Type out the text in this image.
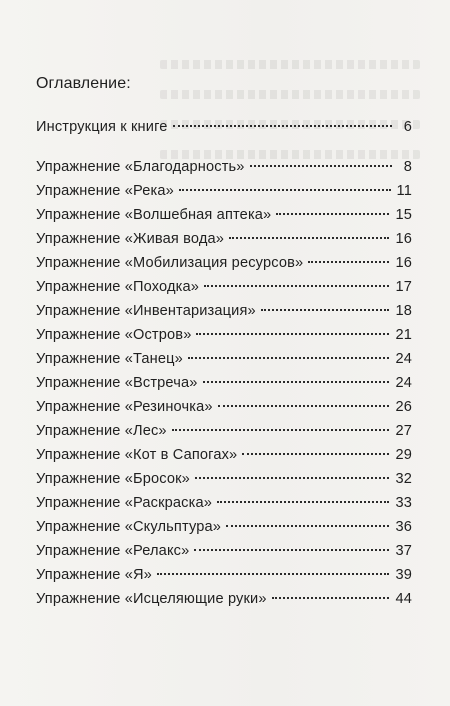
Оглавление:
Инструкция к книге	6
Упражнение «Благодарность»	8
Упражнение «Река»	11
Упражнение «Волшебная аптека»	15
Упражнение «Живая вода»	16
Упражнение «Мобилизация ресурсов»	16
Упражнение «Походка»	17
Упражнение «Инвентаризация»	18
Упражнение «Остров»	21
Упражнение «Танец»	24
Упражнение «Встреча»	24
Упражнение «Резиночка»	26
Упражнение «Лес»	27
Упражнение «Кот в Сапогах»	29
Упражнение «Бросок»	32
Упражнение «Раскраска»	33
Упражнение «Скульптура»	36
Упражнение «Релакс»	37
Упражнение «Я»	39
Упражнение «Исцеляющие руки»	44
